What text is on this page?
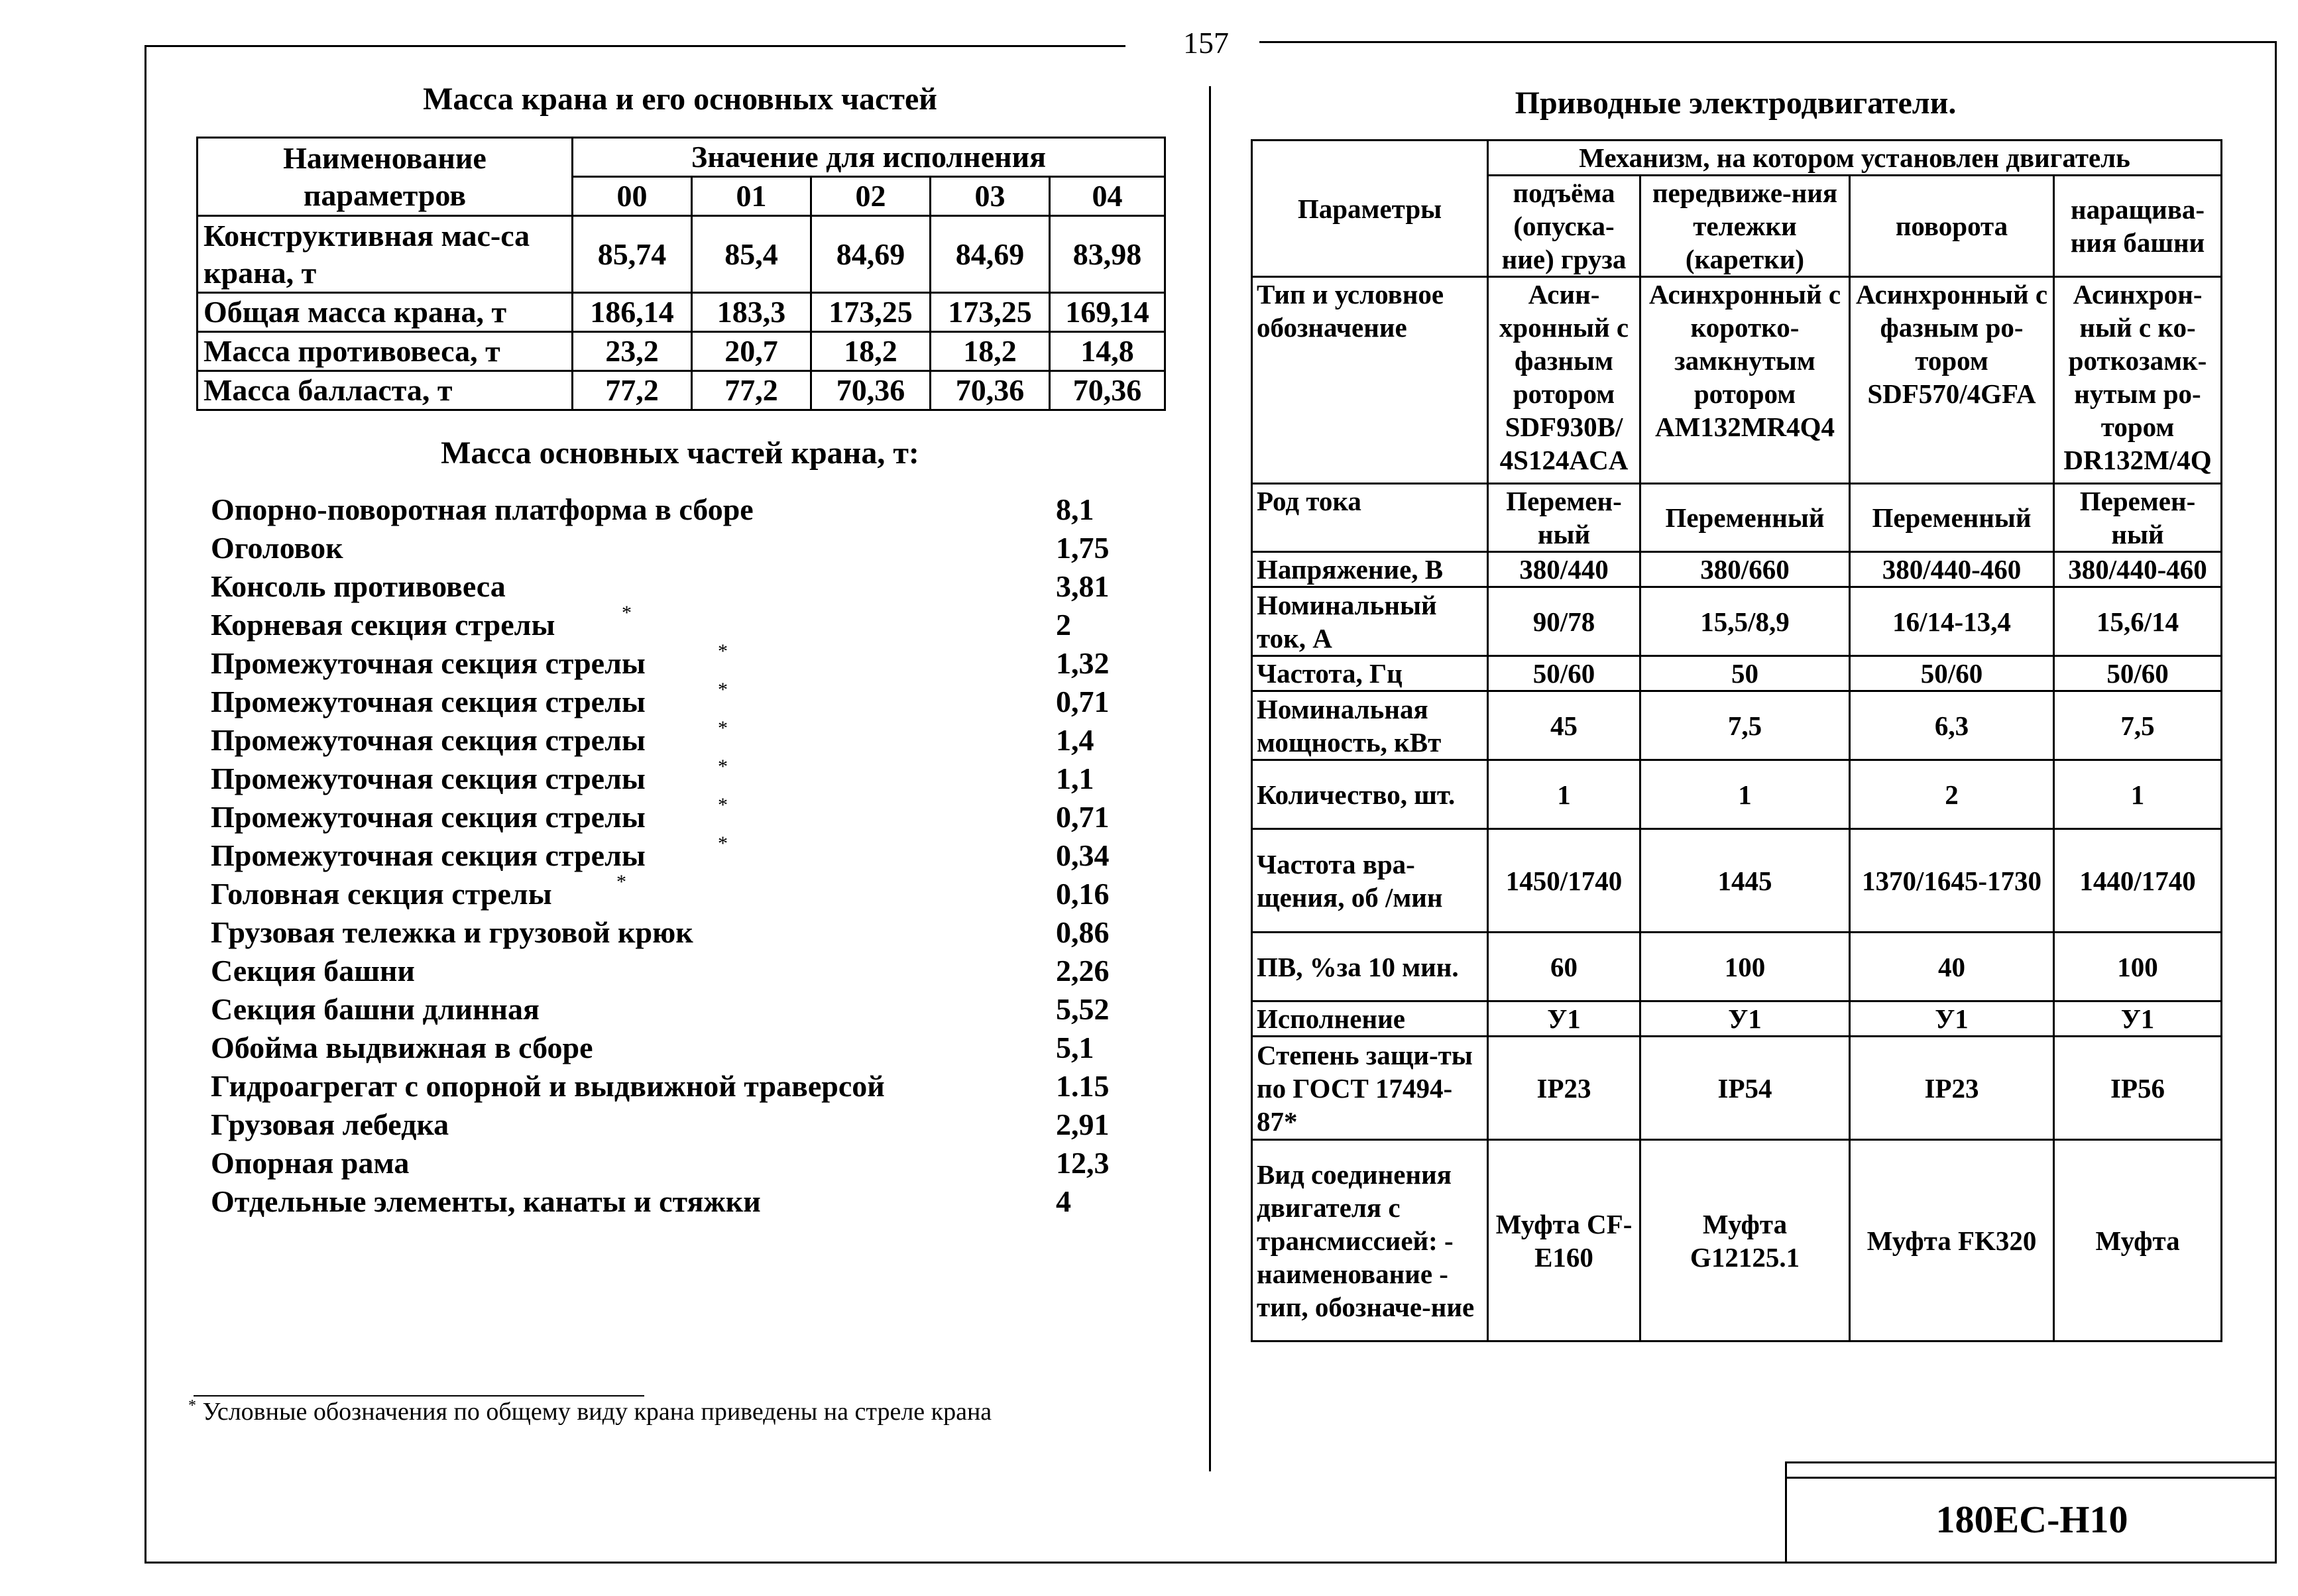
157
Масса крана и его основных частей
Наименование
параметров	Значение для исполнения				
	00	01	02	03	04
Конструктивная мас-са крана, т	85,74	85,4	84,69	84,69	83,98
Общая масса крана, т	186,14	183,3	173,25	173,25	169,14
Масса противовеса, т	23,2	20,7	18,2	18,2	14,8
Масса балласта, т	77,2	77,2	70,36	70,36	70,36
Масса основных частей крана, т:
Опорно-поворотная платформа в сборе	8,1
Оголовок	1,75
Консоль противовеса	3,81
Корневая секция стрелы	*	2
Промежуточная секция стрелы	*	1,32
Промежуточная секция стрелы	*	0,71
Промежуточная секция стрелы	*	1,4
Промежуточная секция стрелы	*	1,1
Промежуточная секция стрелы	*	0,71
Промежуточная секция стрелы	*	0,34
Головная секция стрелы	*	0,16
Грузовая тележка и грузовой крюк	0,86
Секция башни	2,26
Секция башни длинная	5,52
Обойма выдвижная в сборе	5,1
Гидроагрегат с опорной и выдвижной траверсой	1.15
Грузовая лебедка	2,91
Опорная рама	12,3
Отдельные элементы, канаты и стяжки	4
* Условные обозначения по общему виду крана приведены на стреле крана
Приводные электродвигатели.
Параметры	Механизм, на котором установлен двигатель			
	подъёма (опуска-ние) груза	передвиже-ния тележки (каретки)	поворота	наращива-ния башни
Тип и условное обозначение	Асин-хронный с фазным ротором SDF930B/ 4S124ACA	Асинхронный с коротко-замкнутым ротором AM132MR4Q4	Асинхронный с фазным ро-тором SDF570/4GFA	Асинхрон-ный с ко-роткозамк-нутым ро-тором DR132M/4Q
Род тока	Перемен-ный	Переменный	Переменный	Перемен-ный
Напряжение, В	380/440	380/660	380/440-460	380/440-460
Номинальный ток, А	90/78	15,5/8,9	16/14-13,4	15,6/14
Частота, Гц	50/60	50	50/60	50/60
Номинальная мощность, кВт	45	7,5	6,3	7,5
Количество, шт.	1	1	2	1
Частота вра-щения, об /мин	1450/1740	1445	1370/1645-1730	1440/1740
ПВ, %за 10 мин.	60	100	40	100
Исполнение	У1	У1	У1	У1
Степень защи-ты по ГОСТ 17494-87*	IP23	IP54	IP23	IP56
Вид соединения двигателя с трансмиссией: - наименование - тип, обозначе-ние	Муфта CF-E160	Муфта G12125.1	Муфта FK320	Муфта
180EC-H10
